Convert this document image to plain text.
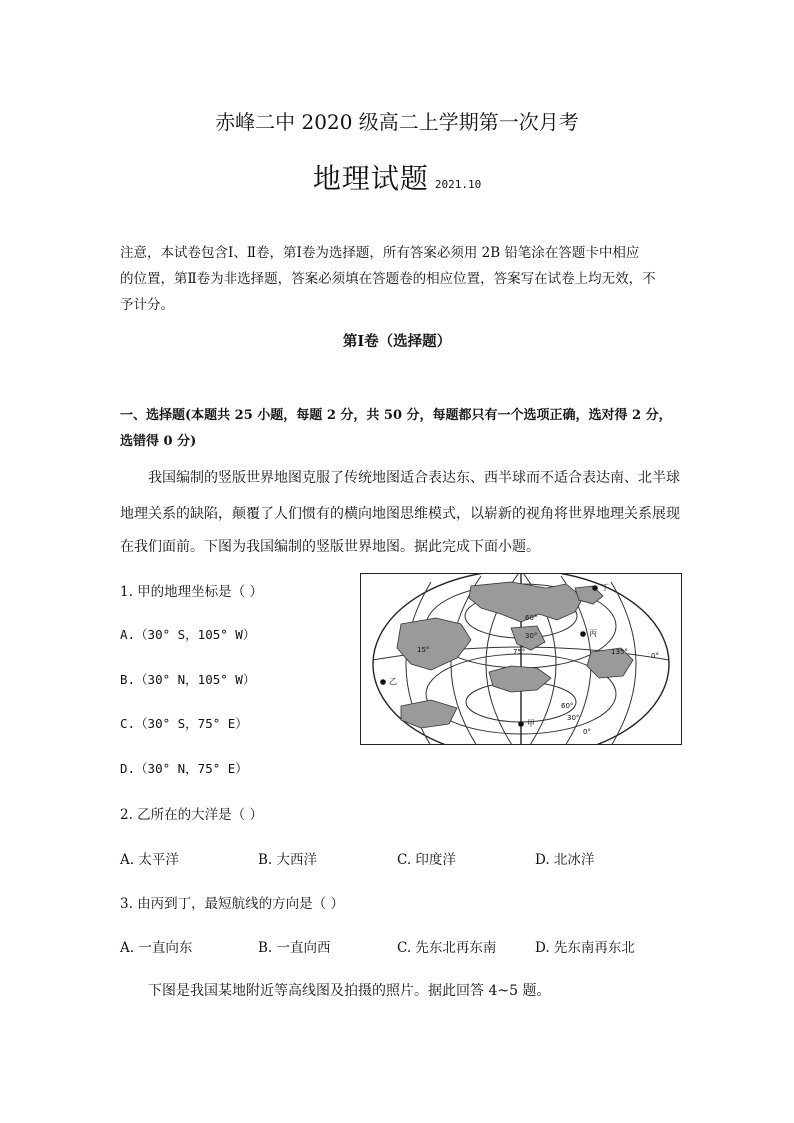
赤峰二中 2020 级高二上学期第一次月考
地理试题 2021.10
注意，本试卷包含Ⅰ、Ⅱ卷，第Ⅰ卷为选择题，所有答案必须用 2B 铅笔涂在答题卡中相应
的位置，第Ⅱ卷为非选择题，答案必须填在答题卷的相应位置，答案写在试卷上均无效，不
予计分。
第Ⅰ卷（选择题）
一、选择题(本题共 25 小题，每题 2 分，共 50 分，每题都只有一个选项正确，选对得 2 分，
选错得 0 分)
我国编制的竖版世界地图克服了传统地图适合表达东、西半球而不适合表达南、北半球
地理关系的缺陷，颠覆了人们惯有的横向地图思维模式，以崭新的视角将世界地理关系展现
在我们面前。下图为我国编制的竖版世界地图。据此完成下面小题。
1. 甲的地理坐标是（ ）
A.（30° S，105° W）
B.（30° N，105° W）
C.（30° S，75° E）
D.（30° N，75° E）
2. 乙所在的大洋是（ ）
A. 太平洋	B. 大西洋	C. 印度洋	D. 北冰洋
3. 由丙到丁，最短航线的方向是（ ）
A. 一直向东	B. 一直向西	C. 先东北再东南	D. 先东南再东北
下图是我国某地附近等高线图及拍摄的照片。据此回答 4~5 题。
丁
丙
甲
乙
60°
30°
15°	75°	135°	0°
60°
30°
0°
